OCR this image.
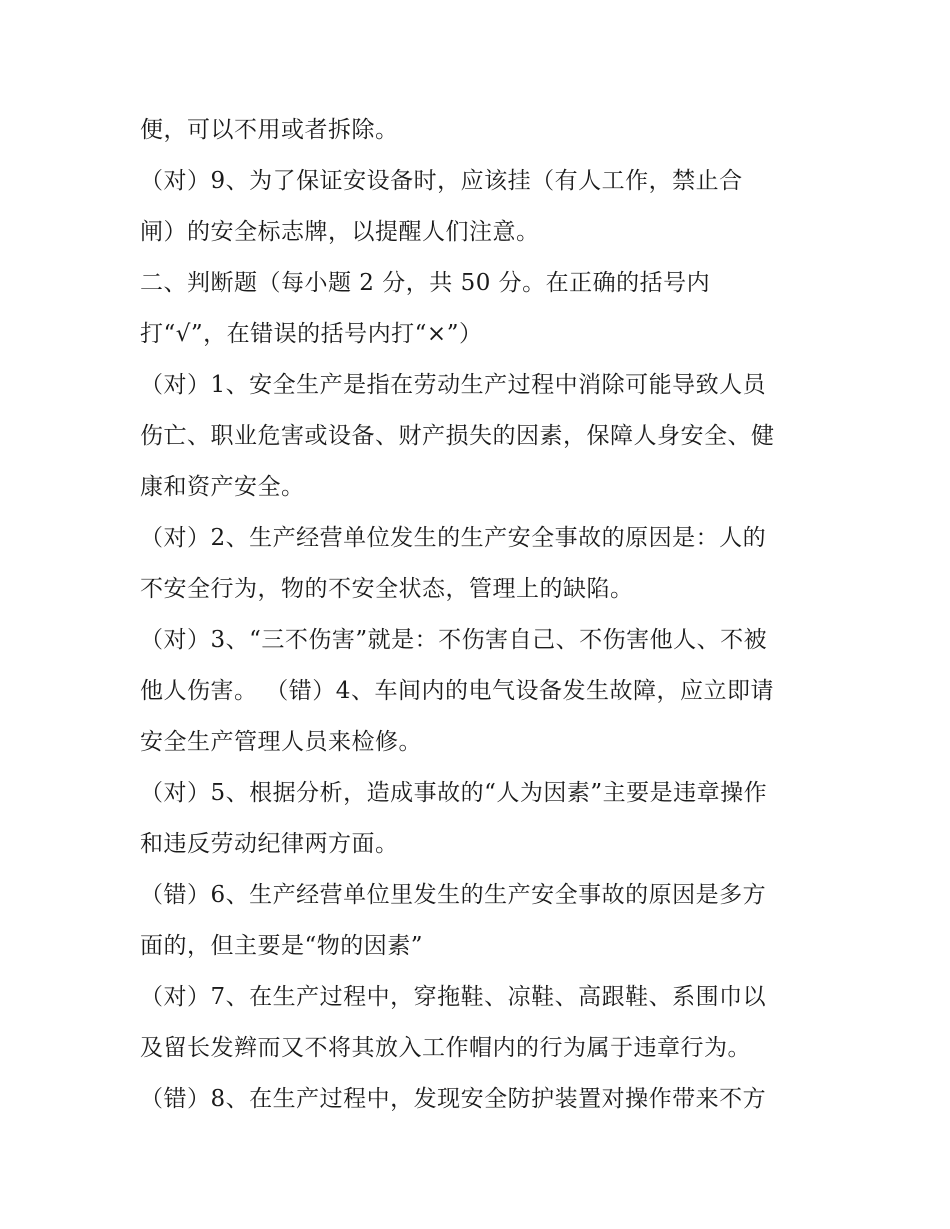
便，可以不用或者拆除。
（对）9、为了保证安设备时，应该挂（有人工作，禁止合
闸）的安全标志牌，以提醒人们注意。
二、判断题（每小题 2 分，共 50 分。在正确的括号内
打“√”，在错误的括号内打“×”）
（对）1、安全生产是指在劳动生产过程中消除可能导致人员
伤亡、职业危害或设备、财产损失的因素，保障人身安全、健
康和资产安全。
（对）2、生产经营单位发生的生产安全事故的原因是：人的
不安全行为，物的不安全状态，管理上的缺陷。
（对）3、“三不伤害”就是：不伤害自己、不伤害他人、不被
他人伤害。 （错）4、车间内的电气设备发生故障，应立即请
安全生产管理人员来检修。
（对）5、根据分析，造成事故的“人为因素”主要是违章操作
和违反劳动纪律两方面。
（错）6、生产经营单位里发生的生产安全事故的原因是多方
面的，但主要是“物的因素”
（对）7、在生产过程中，穿拖鞋、凉鞋、高跟鞋、系围巾以
及留长发辫而又不将其放入工作帽内的行为属于违章行为。
（错）8、在生产过程中，发现安全防护装置对操作带来不方
